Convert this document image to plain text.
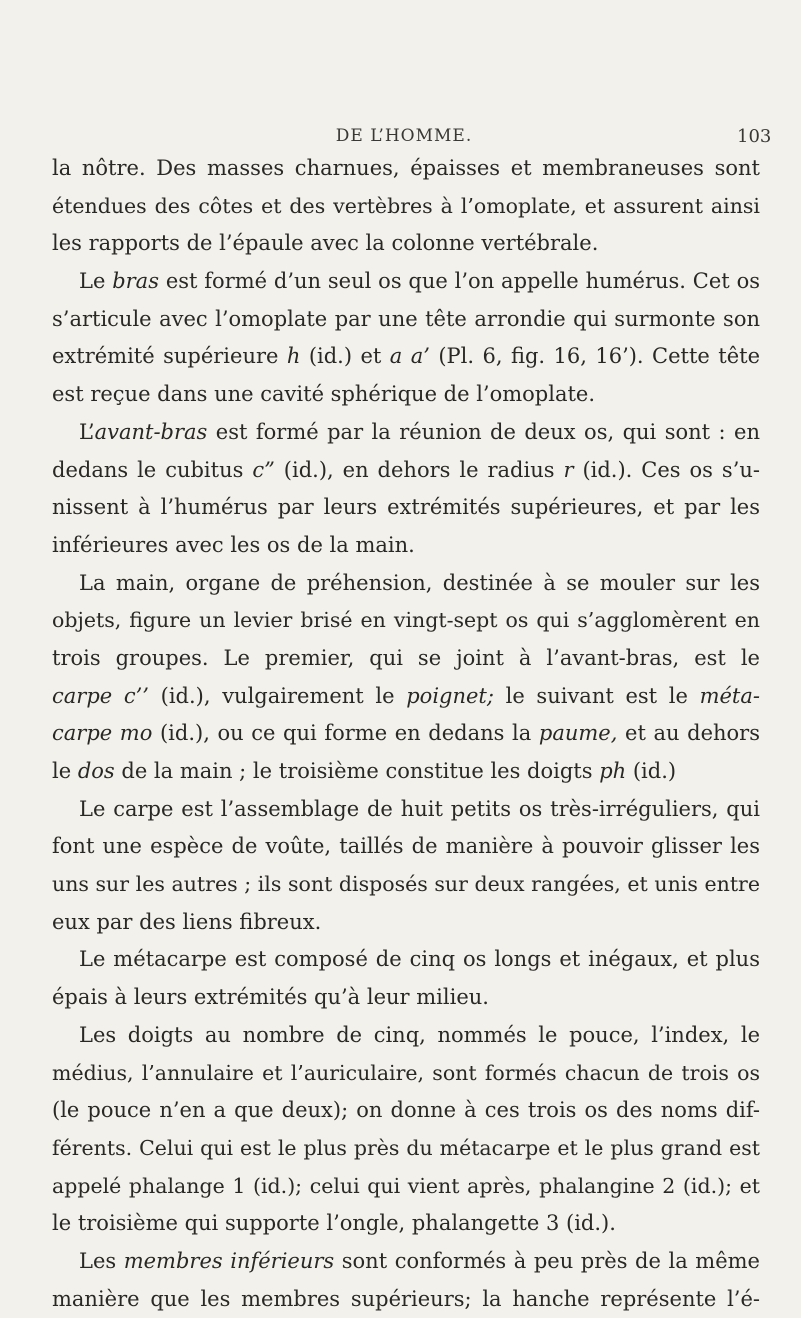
DE L’HOMME.	103
la nôtre. Des masses charnues, épaisses et membraneuses sont
étendues des côtes et des vertèbres à l’omoplate, et assurent ainsi
les rapports de l’épaule avec la colonne vertébrale.
Le bras est formé d’un seul os que l’on appelle humérus. Cet os
s’articule avec l’omoplate par une tête arrondie qui surmonte son
extrémité supérieure h (id.) et a a’ (Pl. 6, fig. 16, 16’). Cette tête
est reçue dans une cavité sphérique de l’omoplate.
L’avant-bras est formé par la réunion de deux os, qui sont : en
dedans le cubitus c” (id.), en dehors le radius r (id.). Ces os s’u-
nissent à l’humérus par leurs extrémités supérieures, et par les
inférieures avec les os de la main.
La main, organe de préhension, destinée à se mouler sur les
objets, figure un levier brisé en vingt-sept os qui s’agglomèrent en
trois groupes. Le premier, qui se joint à l’avant-bras, est le
carpe c’’ (id.), vulgairement le poignet; le suivant est le méta-
carpe mo (id.), ou ce qui forme en dedans la paume, et au dehors
le dos de la main ; le troisième constitue les doigts ph (id.)
Le carpe est l’assemblage de huit petits os très-irréguliers, qui
font une espèce de voûte, taillés de manière à pouvoir glisser les
uns sur les autres ; ils sont disposés sur deux rangées, et unis entre
eux par des liens fibreux.
Le métacarpe est composé de cinq os longs et inégaux, et plus
épais à leurs extrémités qu’à leur milieu.
Les doigts au nombre de cinq, nommés le pouce, l’index, le
médius, l’annulaire et l’auriculaire, sont formés chacun de trois os
(le pouce n’en a que deux); on donne à ces trois os des noms dif-
férents. Celui qui est le plus près du métacarpe et le plus grand est
appelé phalange 1 (id.); celui qui vient après, phalangine 2 (id.); et
le troisième qui supporte l’ongle, phalangette 3 (id.).
Les membres inférieurs sont conformés à peu près de la même
manière que les membres supérieurs; la hanche représente l’é-
